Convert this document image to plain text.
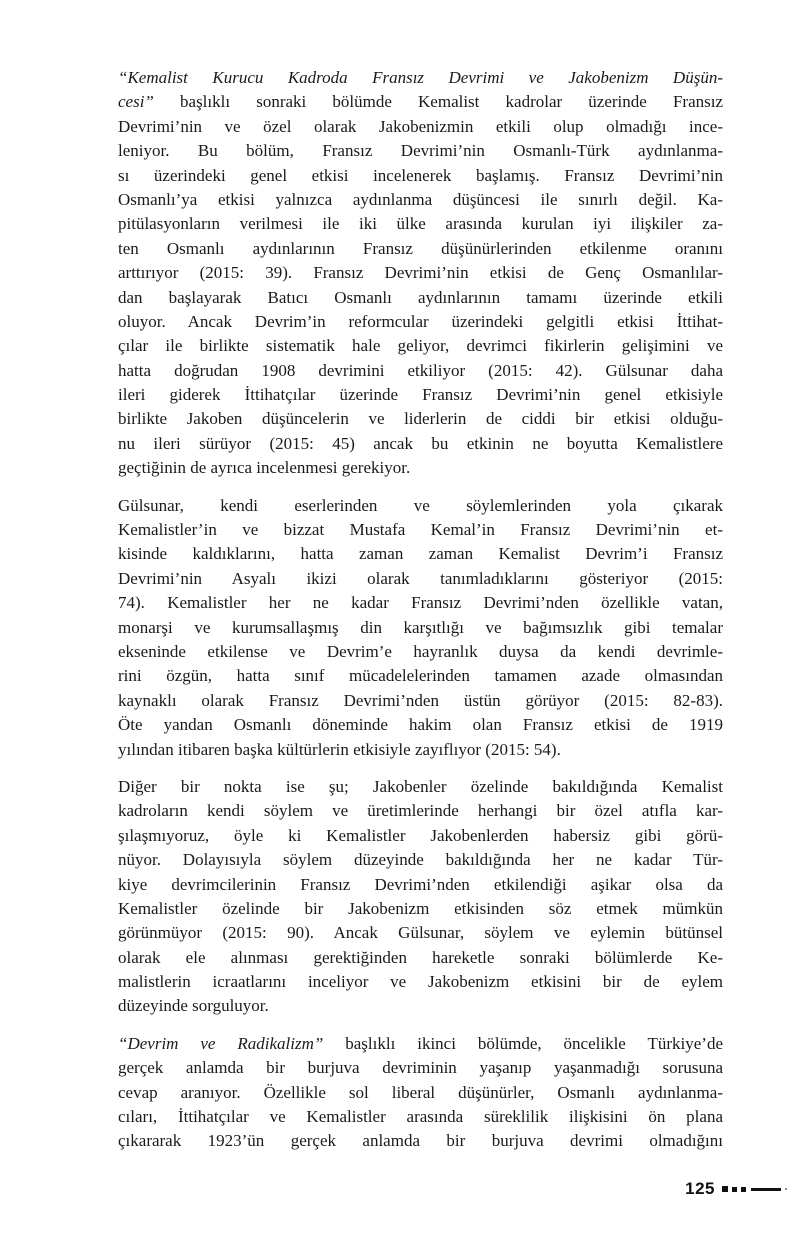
“Kemalist Kurucu Kadroda Fransız Devrimi ve Jakobenizm Düşün-
cesi” başlıklı sonraki bölümde Kemalist kadrolar üzerinde Fransız
Devrimi’nin ve özel olarak Jakobenizmin etkili olup olmadığı ince-
leniyor. Bu bölüm, Fransız Devrimi’nin Osmanlı-Türk aydınlanma-
sı üzerindeki genel etkisi incelenerek başlamış. Fransız Devrimi’nin
Osmanlı’ya etkisi yalnızca aydınlanma düşüncesi ile sınırlı değil. Ka-
pitülasyonların verilmesi ile iki ülke arasında kurulan iyi ilişkiler za-
ten Osmanlı aydınlarının Fransız düşünürlerinden etkilenme oranını
arttırıyor (2015: 39). Fransız Devrimi’nin etkisi de Genç Osmanlılar-
dan başlayarak Batıcı Osmanlı aydınlarının tamamı üzerinde etkili
oluyor. Ancak Devrim’in reformcular üzerindeki gelgitli etkisi İttihat-
çılar ile birlikte sistematik hale geliyor, devrimci fikirlerin gelişimini ve
hatta doğrudan 1908 devrimini etkiliyor (2015: 42). Gülsunar daha
ileri giderek İttihatçılar üzerinde Fransız Devrimi’nin genel etkisiyle
birlikte Jakoben düşüncelerin ve liderlerin de ciddi bir etkisi olduğu-
nu ileri sürüyor (2015: 45) ancak bu etkinin ne boyutta Kemalistlere
geçtiğinin de ayrıca incelenmesi gerekiyor.
Gülsunar, kendi eserlerinden ve söylemlerinden yola çıkarak
Kemalistler’in ve bizzat Mustafa Kemal’in Fransız Devrimi’nin et-
kisinde kaldıklarını, hatta zaman zaman Kemalist Devrim’i Fransız
Devrimi’nin Asyalı ikizi olarak tanımladıklarını gösteriyor (2015:
74). Kemalistler her ne kadar Fransız Devrimi’nden özellikle vatan,
monarşi ve kurumsallaşmış din karşıtlığı ve bağımsızlık gibi temalar
ekseninde etkilense ve Devrim’e hayranlık duysa da kendi devrimle-
rini özgün, hatta sınıf mücadelelerinden tamamen azade olmasından
kaynaklı olarak Fransız Devrimi’nden üstün görüyor (2015: 82-83).
Öte yandan Osmanlı döneminde hakim olan Fransız etkisi de 1919
yılından itibaren başka kültürlerin etkisiyle zayıflıyor (2015: 54).
Diğer bir nokta ise şu; Jakobenler özelinde bakıldığında Kemalist
kadroların kendi söylem ve üretimlerinde herhangi bir özel atıfla kar-
şılaşmıyoruz, öyle ki Kemalistler Jakobenlerden habersiz gibi görü-
nüyor. Dolayısıyla söylem düzeyinde bakıldığında her ne kadar Tür-
kiye devrimcilerinin Fransız Devrimi’nden etkilendiği aşikar olsa da
Kemalistler özelinde bir Jakobenizm etkisinden söz etmek mümkün
görünmüyor (2015: 90). Ancak Gülsunar, söylem ve eylemin bütünsel
olarak ele alınması gerektiğinden hareketle sonraki bölümlerde Ke-
malistlerin icraatlarını inceliyor ve Jakobenizm etkisini bir de eylem
düzeyinde sorguluyor.
“Devrim ve Radikalizm” başlıklı ikinci bölümde, öncelikle Türkiye’de
gerçek anlamda bir burjuva devriminin yaşanıp yaşanmadığı sorusuna
cevap aranıyor. Özellikle sol liberal düşünürler, Osmanlı aydınlanma-
cıları, İttihatçılar ve Kemalistler arasında süreklilik ilişkisini ön plana
çıkararak 1923’ün gerçek anlamda bir burjuva devrimi olmadığını
125
